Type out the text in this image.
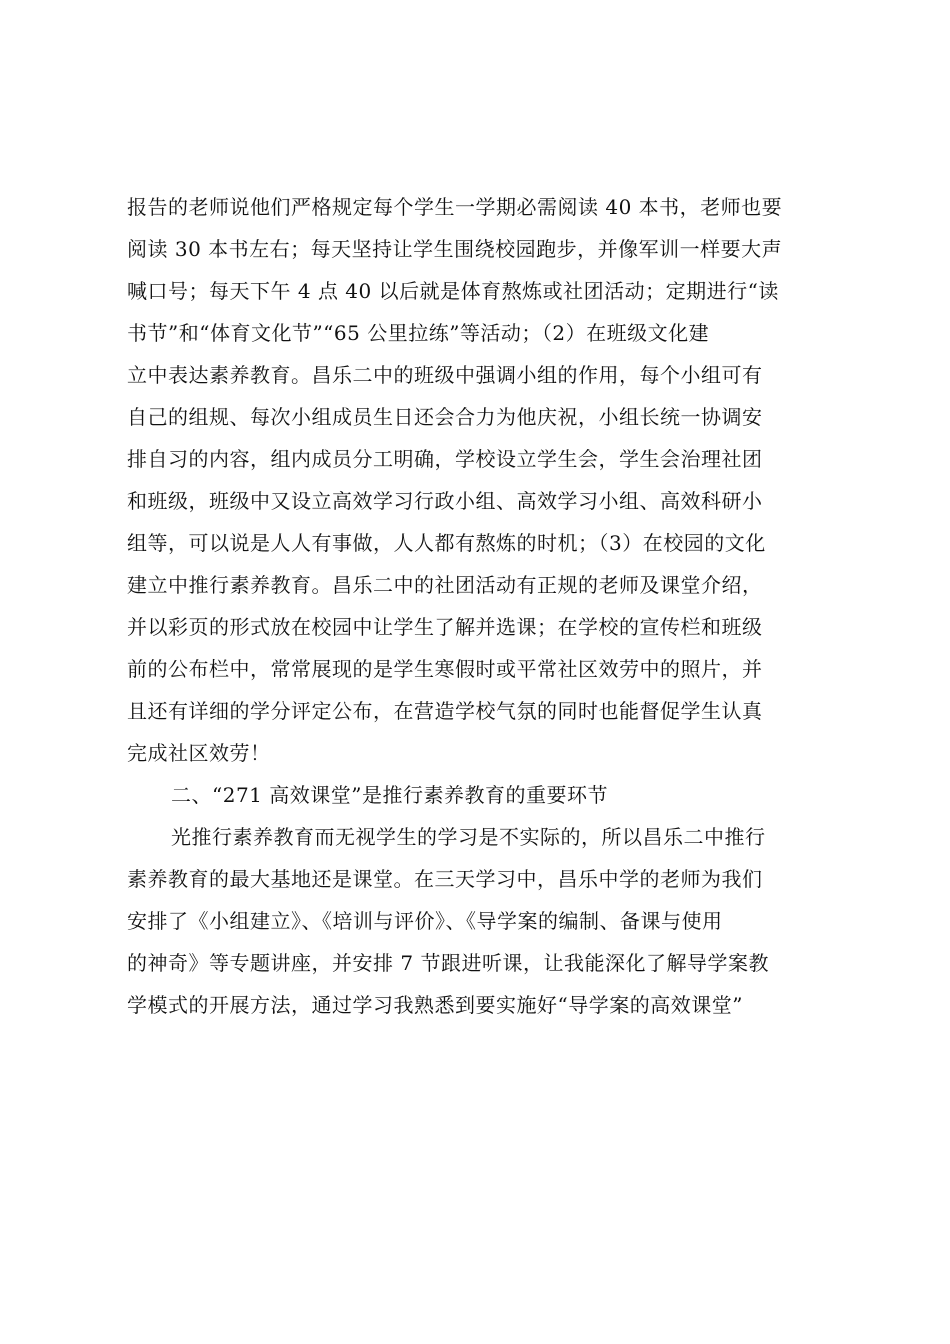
报告的老师说他们严格规定每个学生一学期必需阅读 40 本书，老师也要
阅读 30 本书左右；每天坚持让学生围绕校园跑步，并像军训一样要大声
喊口号；每天下午 4 点 40 以后就是体育熬炼或社团活动；定期进行“读
书节”和“体育文化节”“65 公里拉练”等活动；（2）在班级文化建
立中表达素养教育。昌乐二中的班级中强调小组的作用，每个小组可有
自己的组规、每次小组成员生日还会合力为他庆祝，小组长统一协调安
排自习的内容，组内成员分工明确，学校设立学生会，学生会治理社团
和班级，班级中又设立高效学习行政小组、高效学习小组、高效科研小
组等，可以说是人人有事做，人人都有熬炼的时机；（3）在校园的文化
建立中推行素养教育。昌乐二中的社团活动有正规的老师及课堂介绍，
并以彩页的形式放在校园中让学生了解并选课；在学校的宣传栏和班级
前的公布栏中，常常展现的是学生寒假时或平常社区效劳中的照片，并
且还有详细的学分评定公布，在营造学校气氛的同时也能督促学生认真
完成社区效劳！
二、“271 高效课堂”是推行素养教育的重要环节
光推行素养教育而无视学生的学习是不实际的，所以昌乐二中推行
素养教育的最大基地还是课堂。在三天学习中，昌乐中学的老师为我们
安排了《小组建立》、《培训与评价》、《导学案的编制、备课与使用
的神奇》等专题讲座，并安排 7 节跟进听课，让我能深化了解导学案教
学模式的开展方法，通过学习我熟悉到要实施好“导学案的高效课堂”
